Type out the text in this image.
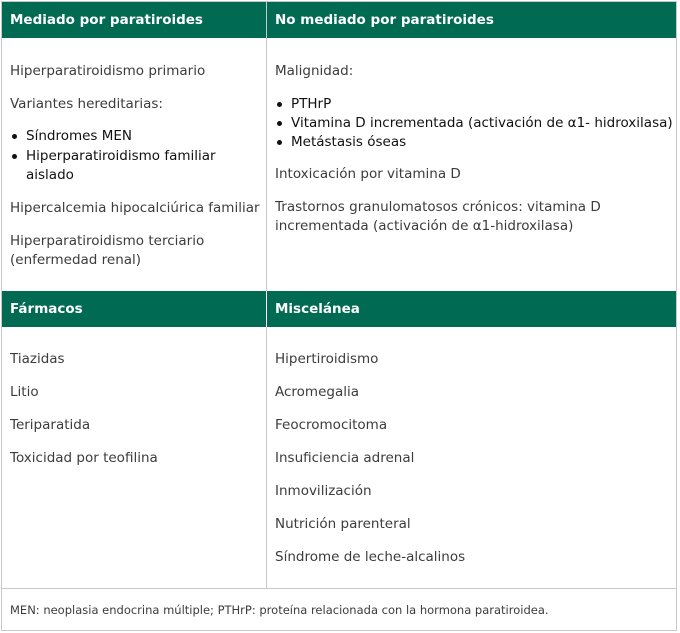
Mediado por paratiroides	No mediado por paratiroides
Fármacos	Miscelánea
Hiperparatiroidismo primario
Variantes hereditarias:
Síndromes MEN
Hiperparatiroidismo familiar
aislado
Hipercalcemia hipocalciúrica familiar
Hiperparatiroidismo terciario
(enfermedad renal)
Malignidad:
PTHrP
Vitamina D incrementada (activación de α1- hidroxilasa)
Metástasis óseas
Intoxicación por vitamina D
Trastornos granulomatosos crónicos: vitamina D
incrementada (activación de α1-hidroxilasa)
Tiazidas
Litio
Teriparatida
Toxicidad por teofilina
Hipertiroidismo
Acromegalia
Feocromocitoma
Insuficiencia adrenal
Inmovilización
Nutrición parenteral
Síndrome de leche-alcalinos
MEN: neoplasia endocrina múltiple; PTHrP: proteína relacionada con la hormona paratiroidea.
